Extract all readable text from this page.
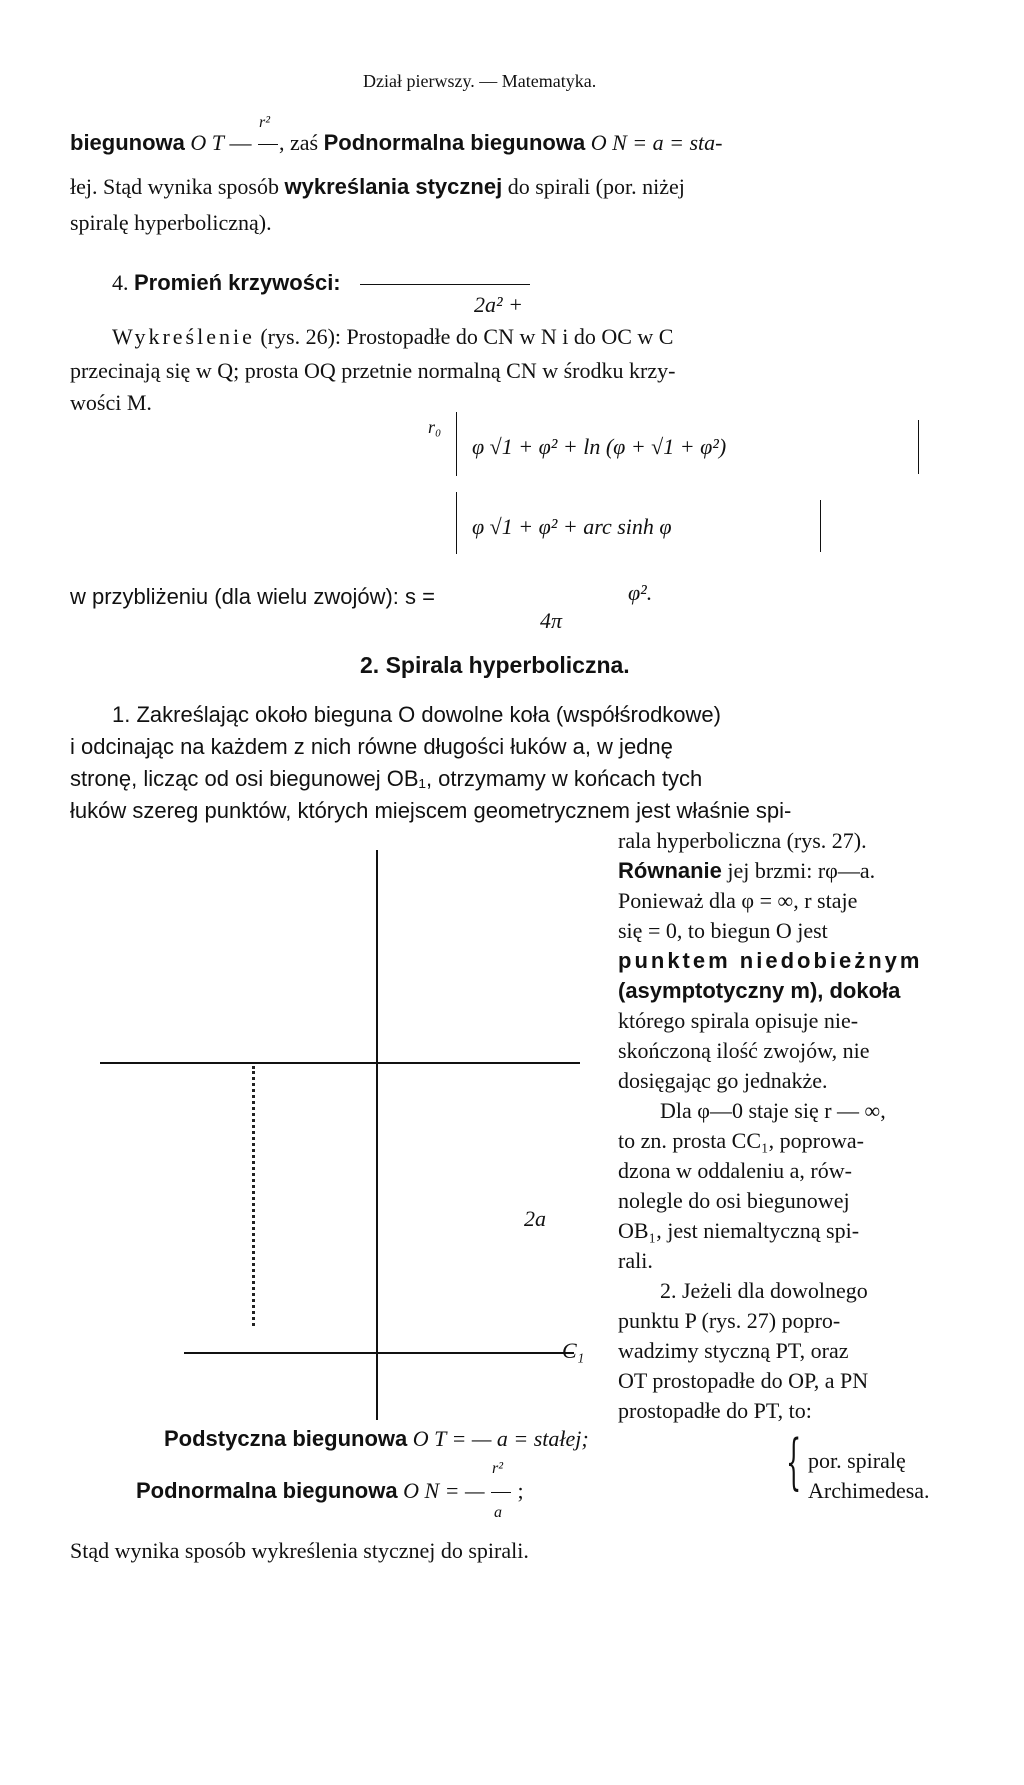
Dział pierwszy. — Matematyka.
biegunowa O T —
r²
, zaś Podnormalna biegunowa O N = a = sta-
łej. Stąd wynika sposób wykreślania stycznej do spirali (por. niżej
spiralę hyperboliczną).
4. Promień krzywości:
2a² +
Wykreślenie (rys. 26): Prostopadłe do CN w N i do OC w C
przecinają się w Q; prosta OQ przetnie normalną CN w środku krzy-
wości M.
r₀
φ √1 + φ² + ln (φ + √1 + φ²)
φ √1 + φ² + arc sinh φ
w przybliżeniu (dla wielu zwojów): s =	φ².
4π
2. Spirala hyperboliczna.
1. Zakreślając około bieguna O dowolne koła (współśrodkowe)
i odcinając na każdem z nich równe długości łuków a, w jednę
stronę, licząc od osi biegunowej OB₁, otrzymamy w końcach tych
łuków szereg punktów, których miejscem geometrycznem jest właśnie spi-
rala hyperboliczna (rys. 27).
Równanie jej brzmi: rφ—a.
Ponieważ dla φ = ∞, r staje
się = 0, to biegun O jest
punktem niedobieżnym
(asymptotyczny m), dokoła
którego spirala opisuje nie-
skończoną ilość zwojów, nie
dosięgając go jednakże.
Dla φ—0 staje się r — ∞,
to zn. prosta CC₁, poprowa-
dzona w oddaleniu a, rów-
nolegle do osi biegunowej
OB₁, jest niemaltyczną spi-
rali.
2. Jeżeli dla dowolnego
punktu P (rys. 27) popro-
wadzimy styczną PT, oraz
OT prostopadłe do OP, a PN
prostopadłe do PT, to:
2a
C₁
Podstyczna biegunowa O T = — a = stałej;
Podnormalna biegunowa O N = — $\frac{\text{r²}}{a}$ ;	{ por. spiralę
Archimedesa.
Stąd wynika sposób wykreślenia stycznej do spirali.
